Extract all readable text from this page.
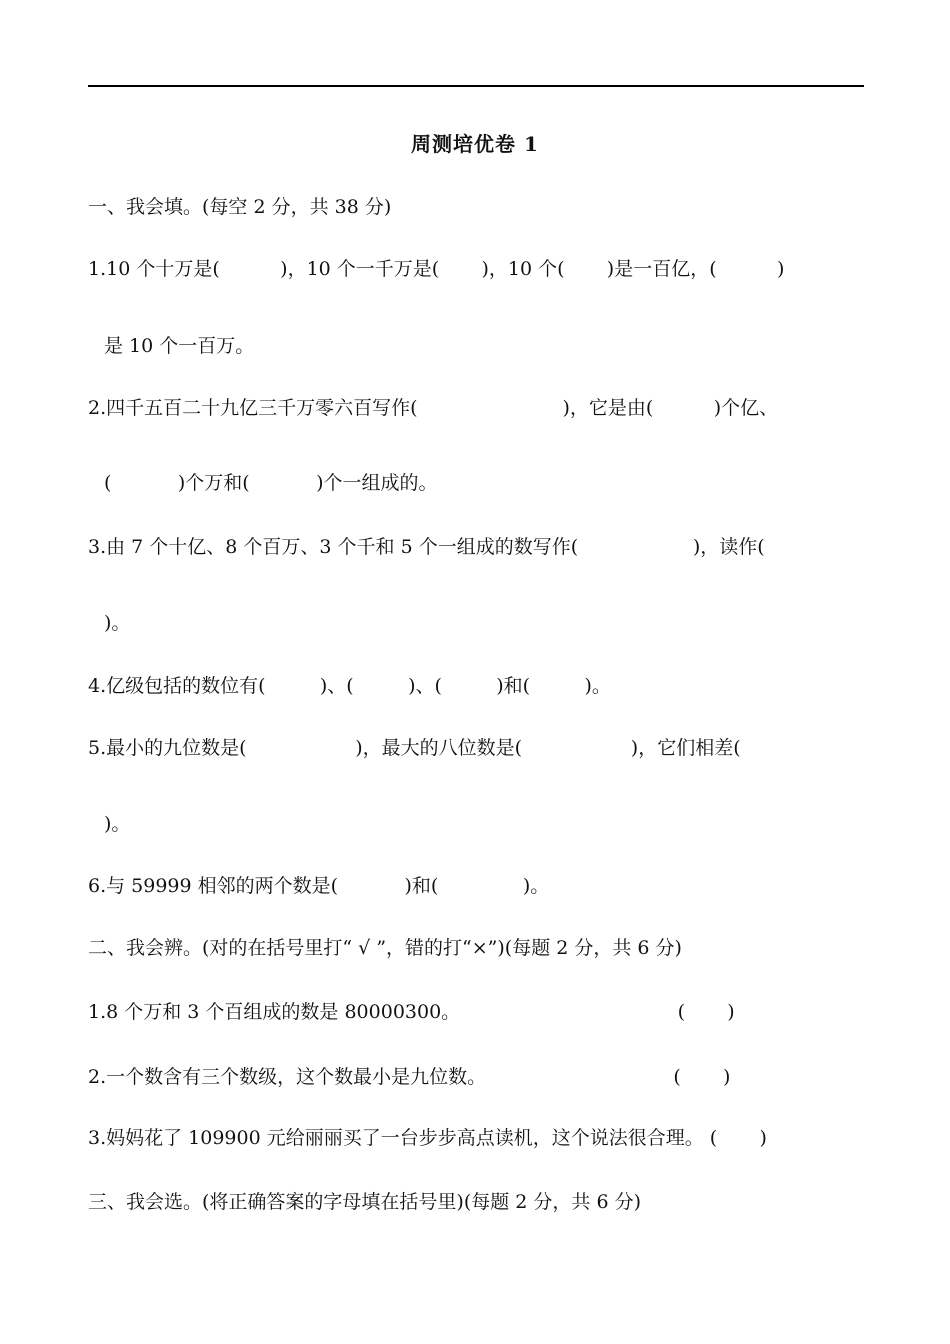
周测培优卷 1
一、我会填。(每空 2 分，共 38 分)
1.10 个十万是(          )，10 个一千万是(       )，10 个(       )是一百亿，(          )
是 10 个一百万。
2.四千五百二十九亿三千万零六百写作(                        )，它是由(          )个亿、
(           )个万和(           )个一组成的。
3.由 7 个十亿、8 个百万、3 个千和 5 个一组成的数写作(                   )，读作(
)。
4.亿级包括的数位有(         )、(         )、(         )和(         )。
5.最小的九位数是(                  )，最大的八位数是(                  )，它们相差(
)。
6.与 59999 相邻的两个数是(           )和(              )。
二、我会辨。(对的在括号里打“ √ ”，错的打“×”)(每题 2 分，共 6 分)
1.8 个万和 3 个百组成的数是 80000300。                                    (       )
2.一个数含有三个数级，这个数最小是九位数。                               (       )
3.妈妈花了 109900 元给丽丽买了一台步步高点读机，这个说法很合理。 (       )
三、我会选。(将正确答案的字母填在括号里)(每题 2 分，共 6 分)
